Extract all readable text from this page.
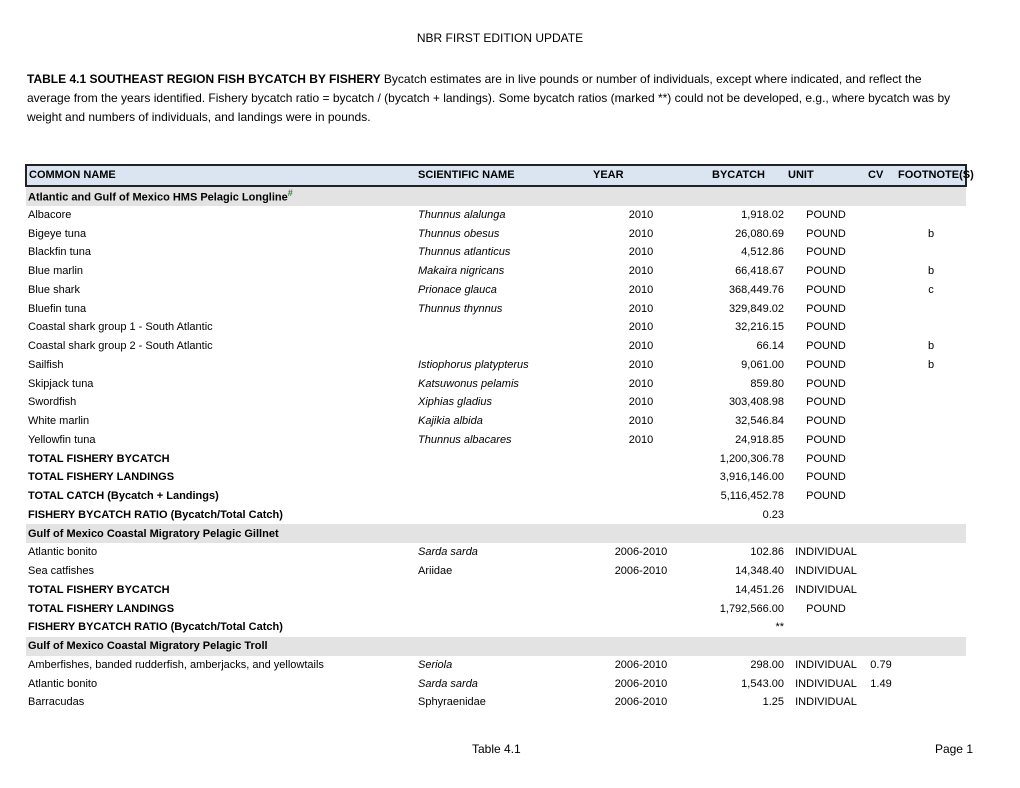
NBR FIRST EDITION UPDATE
TABLE 4.1 SOUTHEAST REGION FISH BYCATCH BY FISHERY Bycatch estimates are in live pounds or number of individuals, except where indicated, and reflect the average from the years identified. Fishery bycatch ratio = bycatch / (bycatch + landings). Some bycatch ratios (marked **) could not be developed, e.g., where bycatch was by weight and numbers of individuals, and landings were in pounds.
COMMON NAME	SCIENTIFIC NAME	YEAR	BYCATCH	UNIT	CV	FOOTNOTE(S)
Atlantic and Gulf of Mexico HMS Pelagic Longline#
Albacore	Thunnus alalunga	2010	1,918.02	POUND		
Bigeye tuna	Thunnus obesus	2010	26,080.69	POUND		b
Blackfin tuna	Thunnus atlanticus	2010	4,512.86	POUND		
Blue marlin	Makaira nigricans	2010	66,418.67	POUND		b
Blue shark	Prionace glauca	2010	368,449.76	POUND		c
Bluefin tuna	Thunnus thynnus	2010	329,849.02	POUND		
Coastal shark group 1 - South Atlantic		2010	32,216.15	POUND		
Coastal shark group 2 - South Atlantic		2010	66.14	POUND		b
Sailfish	Istiophorus platypterus	2010	9,061.00	POUND		b
Skipjack tuna	Katsuwonus pelamis	2010	859.80	POUND		
Swordfish	Xiphias gladius	2010	303,408.98	POUND		
White marlin	Kajikia albida	2010	32,546.84	POUND		
Yellowfin tuna	Thunnus albacares	2010	24,918.85	POUND		
TOTAL FISHERY BYCATCH			1,200,306.78	POUND		
TOTAL FISHERY LANDINGS			3,916,146.00	POUND		
TOTAL CATCH (Bycatch + Landings)			5,116,452.78	POUND		
FISHERY BYCATCH RATIO (Bycatch/Total Catch)			0.23			
Gulf of Mexico Coastal Migratory Pelagic Gillnet						
Atlantic bonito	Sarda sarda	2006-2010	102.86	INDIVIDUAL		
Sea catfishes	Ariidae	2006-2010	14,348.40	INDIVIDUAL		
TOTAL FISHERY BYCATCH			14,451.26	INDIVIDUAL		
TOTAL FISHERY LANDINGS			1,792,566.00	POUND		
FISHERY BYCATCH RATIO (Bycatch/Total Catch)			**			
Gulf of Mexico Coastal Migratory Pelagic Troll						
Amberfishes, banded rudderfish, amberjacks, and yellowtails	Seriola	2006-2010	298.00	INDIVIDUAL	0.79	
Atlantic bonito	Sarda sarda	2006-2010	1,543.00	INDIVIDUAL	1.49	
Barracudas	Sphyraenidae	2006-2010	1.25	INDIVIDUAL		
Table 4.1	Page 1
